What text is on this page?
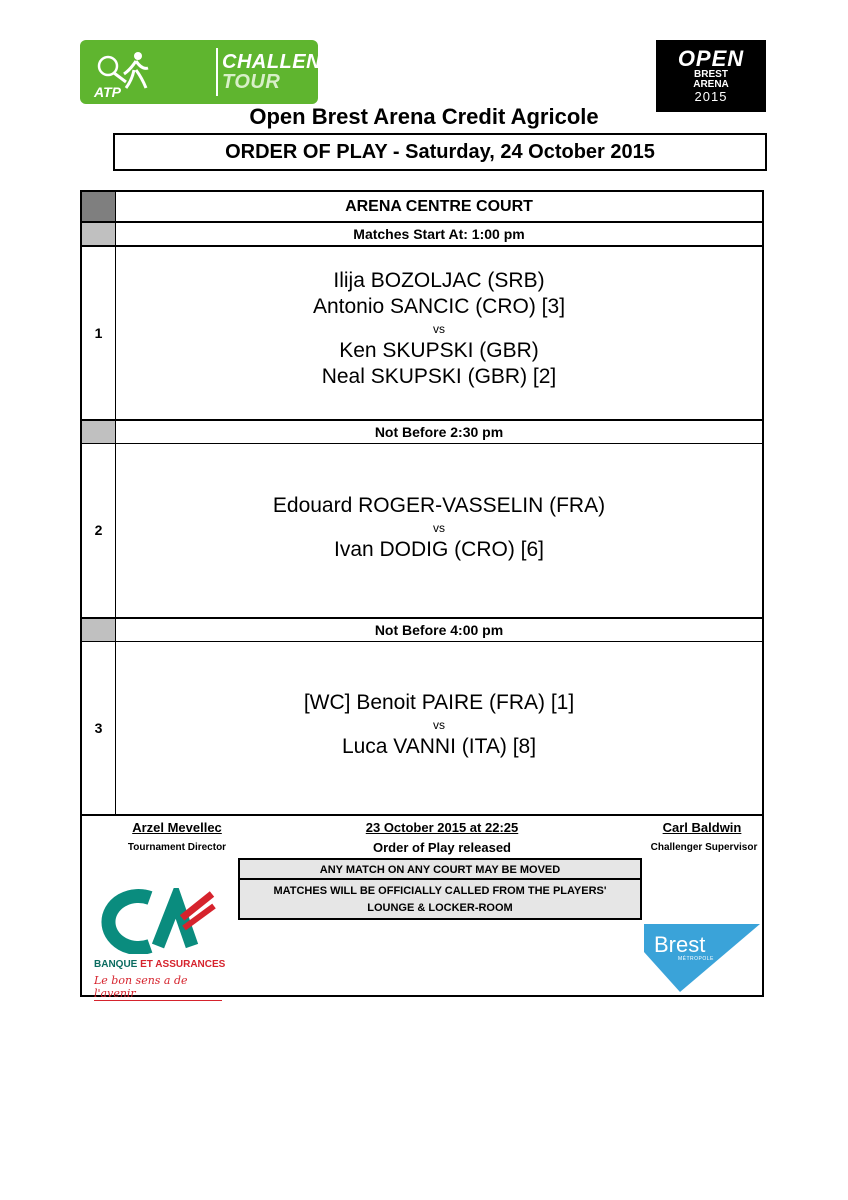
ATP
CHALLENGER
TOUR
OPEN
BREST
ARENA
2015
Open Brest Arena Credit Agricole
ORDER OF PLAY - Saturday, 24 October 2015
ARENA CENTRE COURT
Matches Start At: 1:00 pm
1
Ilija BOZOLJAC (SRB)
Antonio SANCIC (CRO) [3]
vs
Ken SKUPSKI (GBR)
Neal SKUPSKI (GBR) [2]
Not Before 2:30 pm
2
Edouard ROGER-VASSELIN (FRA)
vs
Ivan DODIG (CRO) [6]
Not Before 4:00 pm
3
[WC] Benoit PAIRE (FRA) [1]
vs
Luca VANNI (ITA) [8]
Arzel Mevellec
Tournament Director
23 October 2015 at 22:25
Order of Play released
Carl Baldwin
Challenger Supervisor
ANY MATCH ON ANY COURT MAY BE MOVED
MATCHES WILL BE OFFICIALLY CALLED FROM THE PLAYERS'
LOUNGE & LOCKER-ROOM
BANQUE ET ASSURANCES
Le bon sens a de l'avenir
Brest
MÉTROPOLE
